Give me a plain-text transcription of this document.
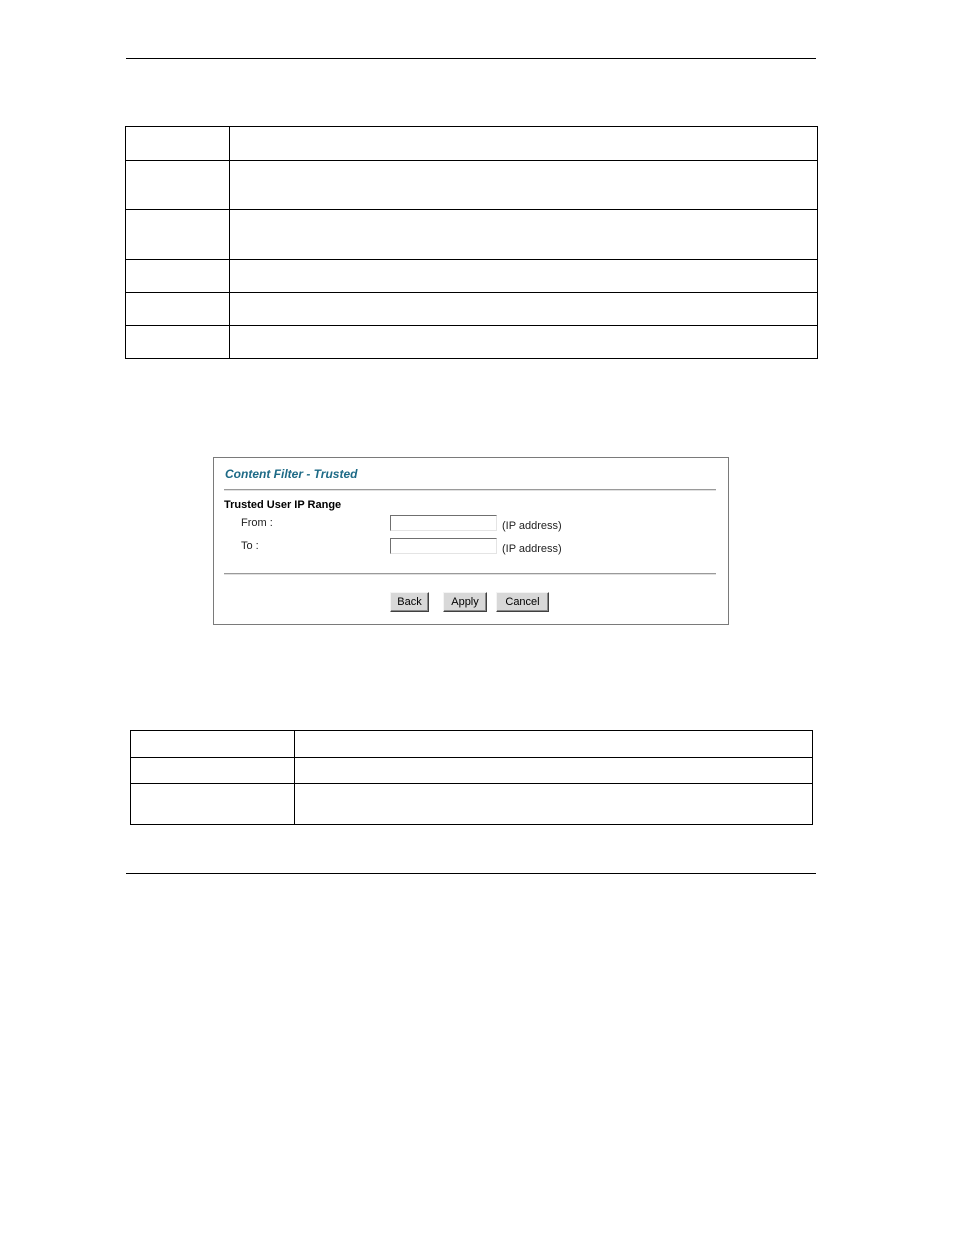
Content Filter - Trusted
Trusted User IP Range
From :	(IP address)
To :	(IP address)
Back	Apply	Cancel
